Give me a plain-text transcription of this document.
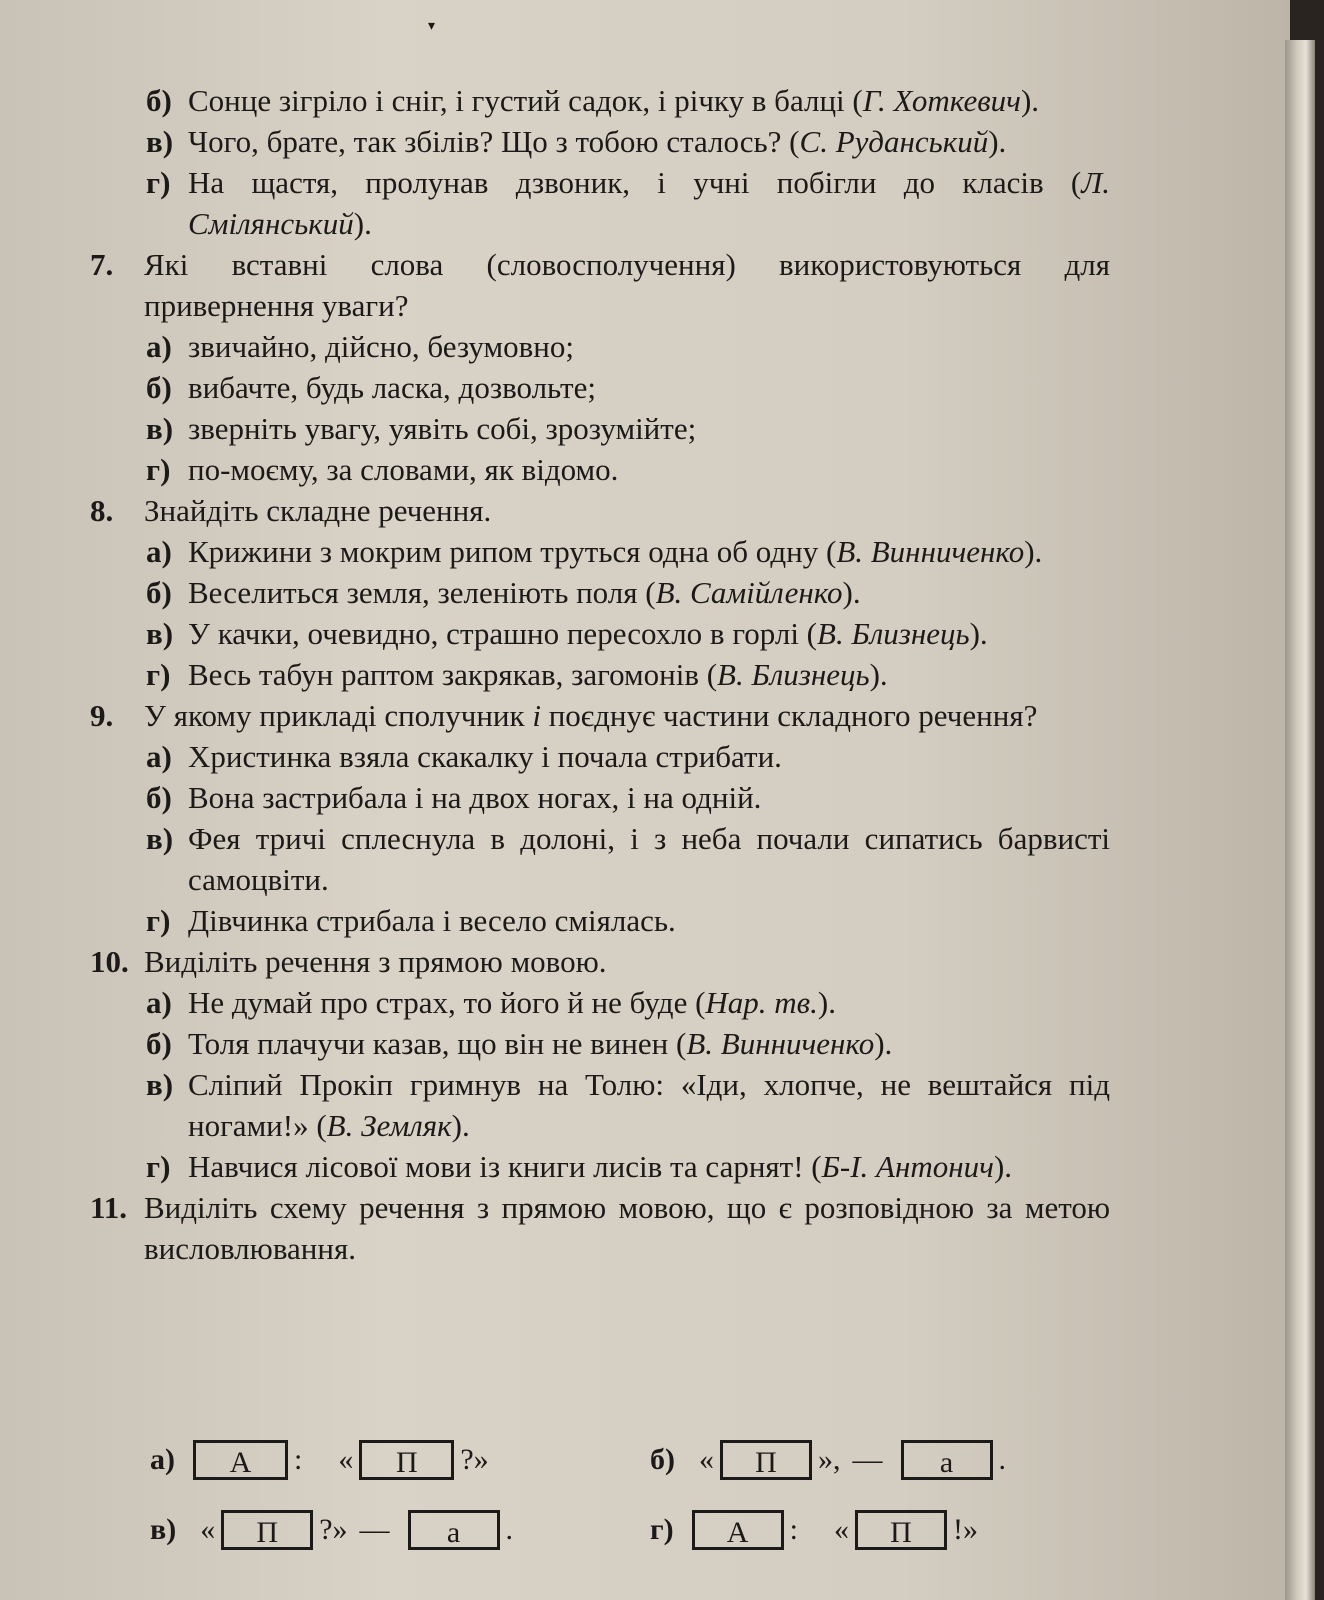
▾
б) Сонце зігріло і сніг, і густий садок, і річку в балці (Г. Хоткевич).
в) Чого, брате, так збілів? Що з тобою сталось? (С. Руданський).
г) На щастя, пролунав дзвоник, і учні побігли до класів (Л. Смілянський).
7. Які вставні слова (словосполучення) використовуються для привернення уваги?
а) звичайно, дійсно, безумовно;
б) вибачте, будь ласка, дозвольте;
в) зверніть увагу, уявіть собі, зрозумійте;
г) по-моєму, за словами, як відомо.
8. Знайдіть складне речення.
а) Крижини з мокрим рипом труться одна об одну (В. Винниченко).
б) Веселиться земля, зеленіють поля (В. Самійленко).
в) У качки, очевидно, страшно пересохло в горлі (В. Близнець).
г) Весь табун раптом закрякав, загомонів (В. Близнець).
9. У якому прикладі сполучник і поєднує частини складного речення?
а) Христинка взяла скакалку і почала стрибати.
б) Вона застрибала і на двох ногах, і на одній.
в) Фея тричі сплеснула в долоні, і з неба почали сипатись барвисті самоцвіти.
г) Дівчинка стрибала і весело сміялась.
10. Виділіть речення з прямою мовою.
а) Не думай про страх, то його й не буде (Нар. тв.).
б) Толя плачучи казав, що він не винен (В. Винниченко).
в) Сліпий Прокіп гримнув на Толю: «Іди, хлопче, не вештайся під ногами!» (В. Земляк).
г) Навчися лісової мови із книги лисів та сарнят! (Б-І. Антонич).
11. Виділіть схему речення з прямою мовою, що є розповідною за метою висловлювання.
а)	А	: «	П	?»	б) «	П	», —	а	.
в) «	П	?» —	а	.	г)	А	: «	П	!»
